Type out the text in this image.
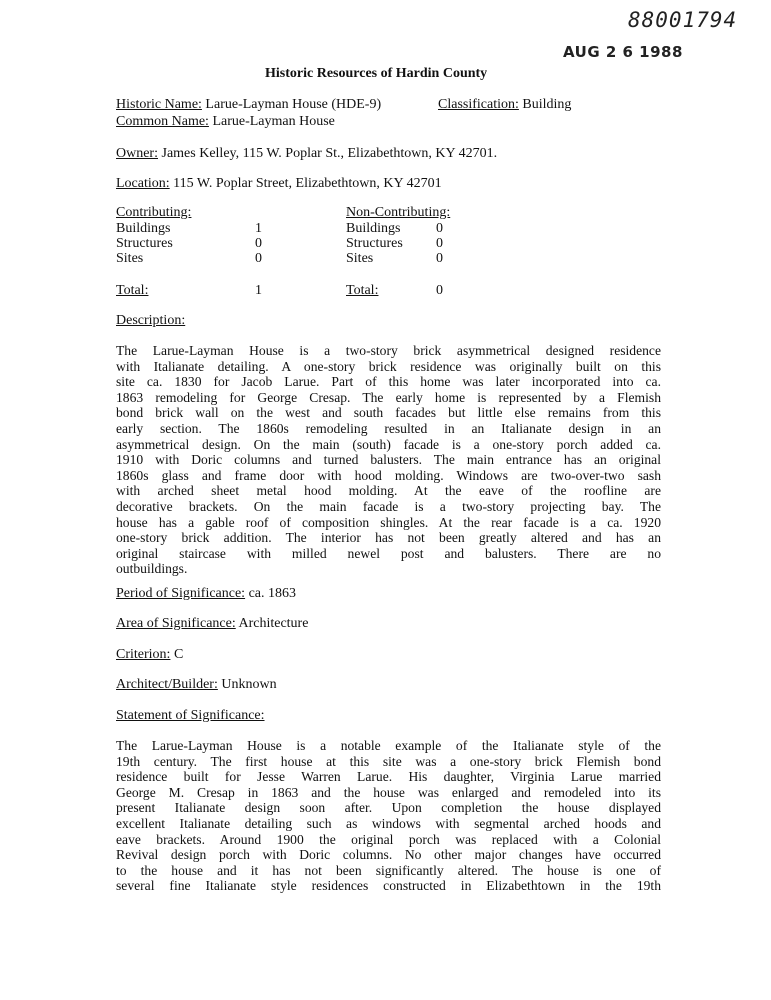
88001794
AUG 2 6 1988
Historic Resources of Hardin County
Historic Name: Larue-Layman House (HDE-9)	Classification: Building
Common Name: Larue-Layman House
Owner: James Kelley, 115 W. Poplar St., Elizabethtown, KY 42701.
Location: 115 W. Poplar Street, Elizabethtown, KY 42701
Contributing:	Non-Contributing:
Buildings	1	Buildings	0
Structures	0	Structures 0
Sites	0	Sites	0
Total:	1	Total:	0
Description:
The Larue-Layman House is a two-story brick asymmetrical designed residence
with Italianate detailing. A one-story brick residence was originally built on this
site ca. 1830 for Jacob Larue. Part of this home was later incorporated into ca.
1863 remodeling for George Cresap. The early home is represented by a Flemish
bond brick wall on the west and south facades but little else remains from this
early section. The 1860s remodeling resulted in an Italianate design in an
asymmetrical design. On the main (south) facade is a one-story porch added ca.
1910 with Doric columns and turned balusters. The main entrance has an original
1860s glass and frame door with hood molding. Windows are two-over-two sash
with arched sheet metal hood molding. At the eave of the roofline are
decorative brackets. On the main facade is a two-story projecting bay. The
house has a gable roof of composition shingles. At the rear facade is a ca. 1920
one-story brick addition. The interior has not been greatly altered and has an
original staircase with milled newel post and balusters. There are no
outbuildings.
Period of Significance: ca. 1863
Area of Significance: Architecture
Criterion: C
Architect/Builder: Unknown
Statement of Significance:
The Larue-Layman House is a notable example of the Italianate style of the
19th century. The first house at this site was a one-story brick Flemish bond
residence built for Jesse Warren Larue. His daughter, Virginia Larue married
George M. Cresap in 1863 and the house was enlarged and remodeled into its
present Italianate design soon after. Upon completion the house displayed
excellent Italianate detailing such as windows with segmental arched hoods and
eave brackets. Around 1900 the original porch was replaced with a Colonial
Revival design porch with Doric columns. No other major changes have occurred
to the house and it has not been significantly altered. The house is one of
several fine Italianate style residences constructed in Elizabethtown in the 19th
